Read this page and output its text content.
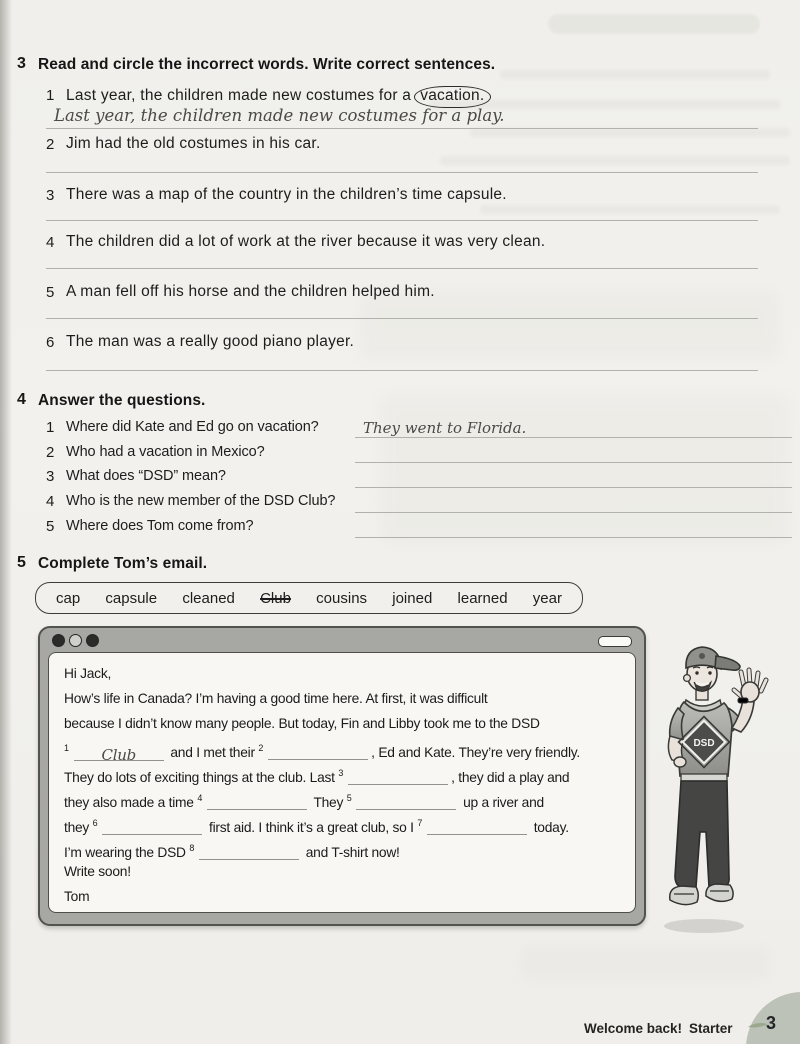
3 Read and circle the incorrect words. Write correct sentences.
1 Last year, the children made new costumes for a vacation.
Last year, the children made new costumes for a play.
2 Jim had the old costumes in his car.
3 There was a map of the country in the children’s time capsule.
4 The children did a lot of work at the river because it was very clean.
5 A man fell off his horse and the children helped him.
6 The man was a really good piano player.
4 Answer the questions.
1 Where did Kate and Ed go on vacation?	They went to Florida.
2 Who had a vacation in Mexico?
3 What does “DSD” mean?
4 Who is the new member of the DSD Club?
5 Where does Tom come from?
5 Complete Tom’s email.
cap capsule cleaned Club cousins joined learned year
Hi Jack,
How’s life in Canada? I’m having a good time here. At first, it was difficult
because I didn’t know many people. But today, Fin and Libby took me to the DSD
$^1$ Club and I met their $^2$	, Ed and Kate. They’re very friendly.
They do lots of exciting things at the club. Last $^3$	, they did a play and
they also made a time $^4$	They $^5$	up a river and
they $^6$	first aid. I think it’s a great club, so I $^7$	today.
I’m wearing the DSD $^8$	and T-shirt now!
Write soon!
Tom
DSD
Welcome back! Starter 3
